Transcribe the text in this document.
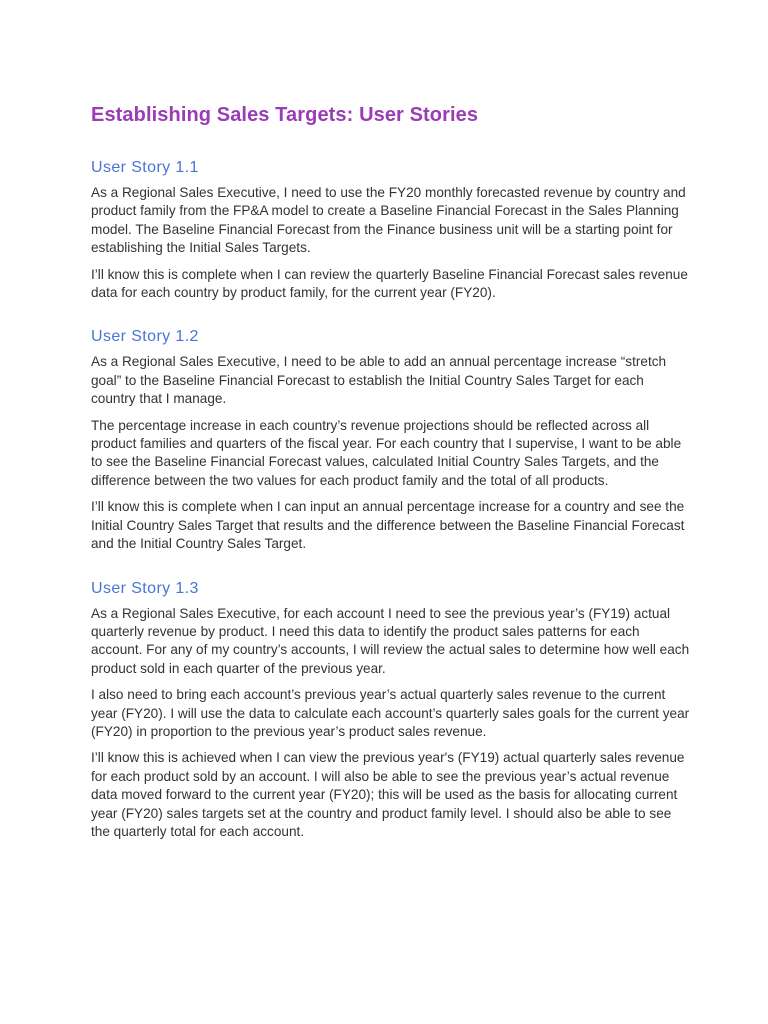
Establishing Sales Targets: User Stories
User Story 1.1

As a Regional Sales Executive, I need to use the FY20 monthly forecasted revenue by country and product family from the FP&A model to create a Baseline Financial Forecast in the Sales Planning model. The Baseline Financial Forecast from the Finance business unit will be a starting point for establishing the Initial Sales Targets.

I’ll know this is complete when I can review the quarterly Baseline Financial Forecast sales revenue data for each country by product family, for the current year (FY20).

User Story 1.2

As a Regional Sales Executive, I need to be able to add an annual percentage increase “stretch goal” to the Baseline Financial Forecast to establish the Initial Country Sales Target for each country that I manage.

The percentage increase in each country’s revenue projections should be reflected across all product families and quarters of the fiscal year. For each country that I supervise, I want to be able to see the Baseline Financial Forecast values, calculated Initial Country Sales Targets, and the difference between the two values for each product family and the total of all products.

I’ll know this is complete when I can input an annual percentage increase for a country and see the Initial Country Sales Target that results and the difference between the Baseline Financial Forecast and the Initial Country Sales Target.

User Story 1.3

As a Regional Sales Executive, for each account I need to see the previous year’s (FY19) actual quarterly revenue by product. I need this data to identify the product sales patterns for each account. For any of my country’s accounts, I will review the actual sales to determine how well each product sold in each quarter of the previous year.

I also need to bring each account’s previous year’s actual quarterly sales revenue to the current year (FY20). I will use the data to calculate each account’s quarterly sales goals for the current year (FY20) in proportion to the previous year’s product sales revenue.

I’ll know this is achieved when I can view the previous year's (FY19) actual quarterly sales revenue for each product sold by an account. I will also be able to see the previous year’s actual revenue data moved forward to the current year (FY20); this will be used as the basis for allocating current year (FY20) sales targets set at the country and product family level. I should also be able to see the quarterly total for each account.
